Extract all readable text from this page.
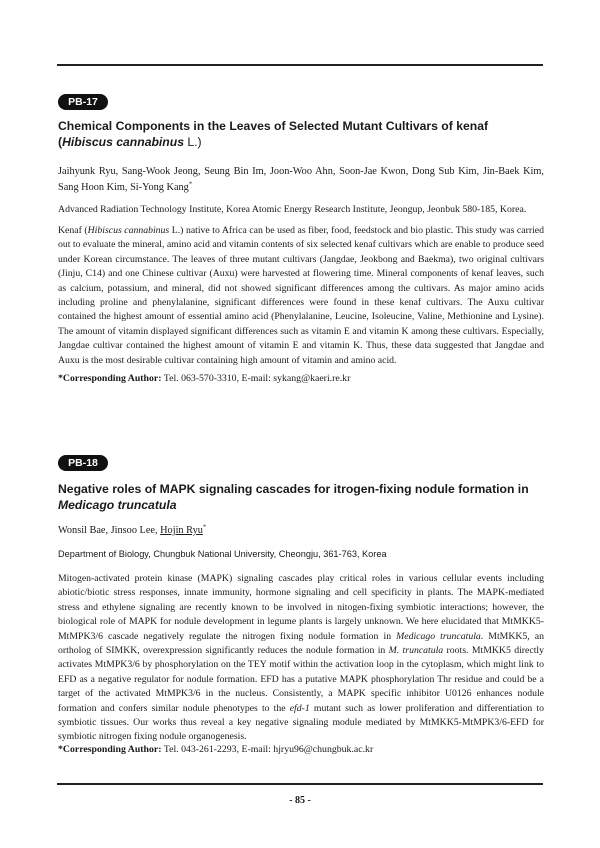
PB-17
Chemical Components in the Leaves of Selected Mutant Cultivars of kenaf
(Hibiscus cannabinus L.)
Jaihyunk Ryu, Sang-Wook Jeong, Seung Bin Im, Joon-Woo Ahn, Soon-Jae Kwon, Dong Sub Kim, Jin-Baek Kim, Sang Hoon Kim, Si-Yong Kang*
Advanced Radiation Technology Institute, Korea Atomic Energy Research Institute, Jeongup, Jeonbuk 580-185, Korea.
Kenaf (Hibiscus cannabinus L.) native to Africa can be used as fiber, food, feedstock and bio plastic. This study was carried out to evaluate the mineral, amino acid and vitamin contents of six selected kenaf cultivars which are enable to produce seed under Korean circumstance. The leaves of three mutant cultivars (Jangdae, Jeokbong and Baekma), two original cultivars (Jinju, C14) and one Chinese cultivar (Auxu) were harvested at flowering time. Mineral components of kenaf leaves, such as calcium, potassium, and mineral, did not showed significant differences among the cultivars. As major amino acids including proline and phenylalanine, significant differences were found in these kenaf cultivars. The Auxu cultivar contained the highest amount of essential amino acid (Phenylalanine, Leucine, Isoleucine, Valine, Methionine and Lysine). The amount of vitamin displayed significant differences such as vitamin E and vitamin K among these cultivars. Especially, Jangdae cultivar contained the highest amount of vitamin E and vitamin K. Thus, these data suggested that Jangdae and Auxu is the most desirable cultivar containing high amount of vitamin and amino acid.
*Corresponding Author: Tel. 063-570-3310, E-mail: sykang@kaeri.re.kr
PB-18
Negative roles of MAPK signaling cascades for itrogen-fixing nodule formation in
Medicago truncatula
Wonsil Bae, Jinsoo Lee, Hojin Ryu*
Department of Biology, Chungbuk National University, Cheongju, 361-763, Korea
Mitogen-activated protein kinase (MAPK) signaling cascades play critical roles in various cellular events including abiotic/biotic stress responses, innate immunity, hormone signaling and cell specificity in plants. The MAPK-mediated stress and ethylene signaling are recently known to be involved in nitogen-fixing symbiotic interactions; however, the biological role of MAPK for nodule development in legume plants is largely unknown. We here elucidated that MtMKK5-MtMPK3/6 cascade negatively regulate the nitrogen fixing nodule formation in Medicago truncatula. MtMKK5, an ortholog of SIMKK, overexpression significantly reduces the nodule formation in M. truncatula roots. MtMKK5 directly activates MtMPK3/6 by phosphorylation on the TEY motif within the activation loop in the cytoplasm, which might link to EFD as a negative regulator for nodule formation. EFD has a putative MAPK phosphorylation Thr residue and could be a target of the activated MtMPK3/6 in the nucleus. Consistently, a MAPK specific inhibitor U0126 enhances nodule formation and confers similar nodule phenotypes to the efd-1 mutant such as lower proliferation and differentiation to symbiotic tissues. Our works thus reveal a key negative signaling module mediated by MtMKK5-MtMPK3/6-EFD for symbiotic nitrogen fixing nodule organogenesis.
*Corresponding Author: Tel. 043-261-2293, E-mail: hjryu96@chungbuk.ac.kr
- 85 -
